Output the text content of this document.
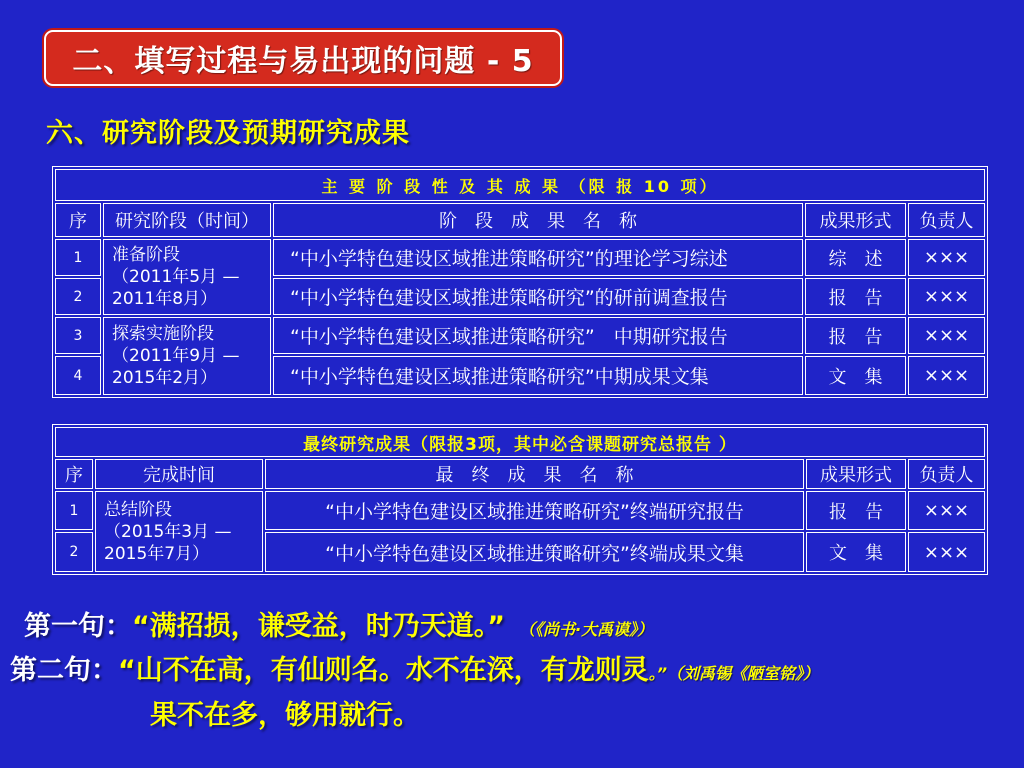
二、填写过程与易出现的问题 - 5
六、研究阶段及预期研究成果
主 要 阶 段 性 及 其 成 果 （限 报 10 项）				
序	研究阶段（时间）	阶　段　成　果　名　称	成果形式	负责人
1	准备阶段
（2011年5月 —
2011年8月）	“中小学特色建设区域推进策略研究”的理论学习综述	综　述	×××
2		“中小学特色建设区域推进策略研究”的研前调查报告	报　告	×××
3	探索实施阶段
（2011年9月 —
2015年2月）	“中小学特色建设区域推进策略研究”　中期研究报告	报　告	×××
4		“中小学特色建设区域推进策略研究”中期成果文集	文　集	×××
最终研究成果（限报3项，其中必含课题研究总报告 ）				
序	完成时间	最　终　成　果　名　称	成果形式	负责人
1	总结阶段
（2015年3月 —
2015年7月）	“中小学特色建设区域推进策略研究”终端研究报告	报　告	×××
2		“中小学特色建设区域推进策略研究”终端成果文集	文　集	×××
第一句：“满招损，谦受益，时乃天道。” （《尚书·大禹谟》）
第二句：“山不在高，有仙则名。水不在深，有龙则灵。”（刘禹锡《陋室铭》）
果不在多，够用就行。
